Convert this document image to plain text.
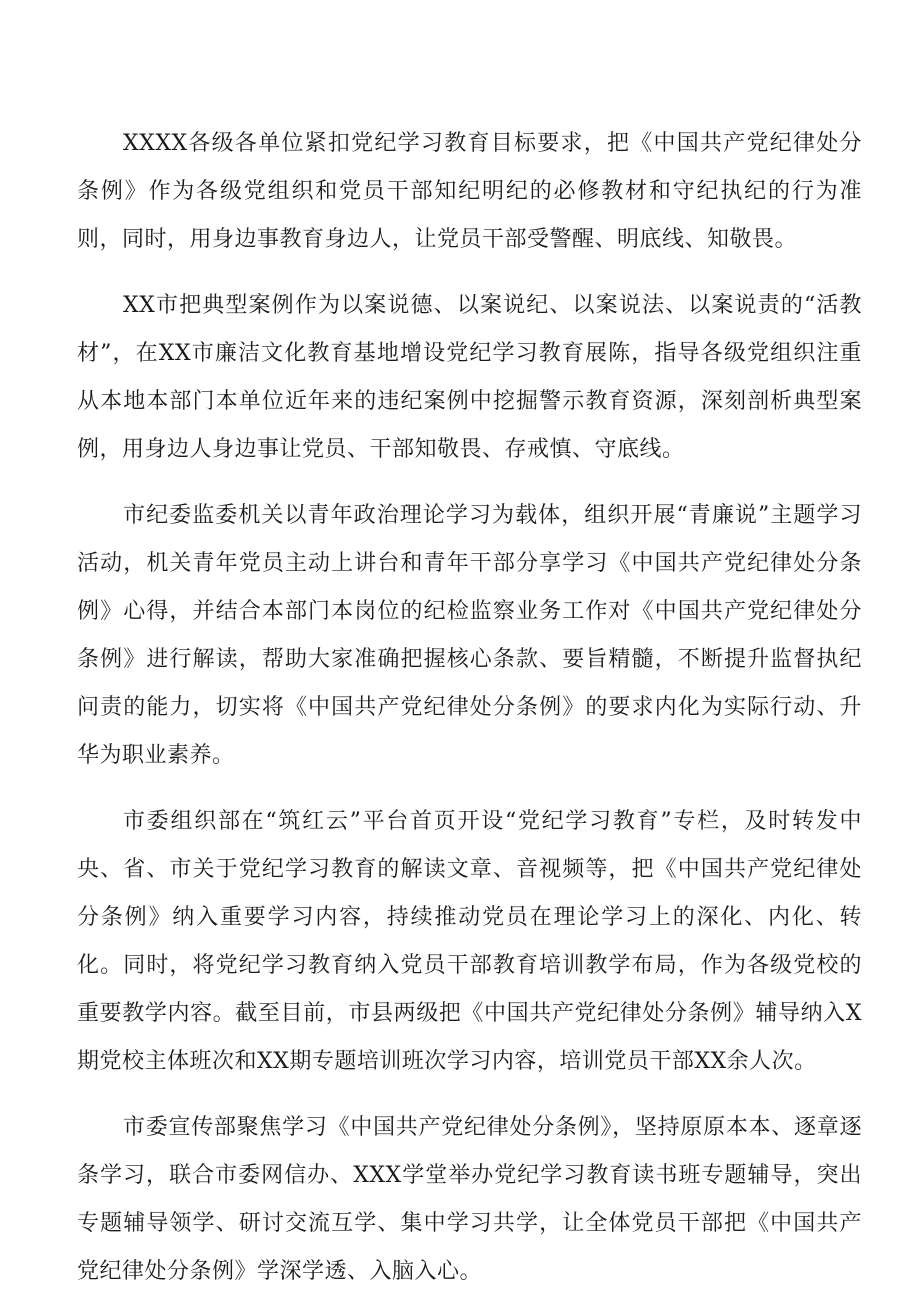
XXXX各级各单位紧扣党纪学习教育目标要求，把《中国共产党纪律处分条例》作为各级党组织和党员干部知纪明纪的必修教材和守纪执纪的行为准则，同时，用身边事教育身边人，让党员干部受警醒、明底线、知敬畏。

XX市把典型案例作为以案说德、以案说纪、以案说法、以案说责的“活教材”，在XX市廉洁文化教育基地增设党纪学习教育展陈，指导各级党组织注重从本地本部门本单位近年来的违纪案例中挖掘警示教育资源，深刻剖析典型案例，用身边人身边事让党员、干部知敬畏、存戒慎、守底线。

市纪委监委机关以青年政治理论学习为载体，组织开展“青廉说”主题学习活动，机关青年党员主动上讲台和青年干部分享学习《中国共产党纪律处分条例》心得，并结合本部门本岗位的纪检监察业务工作对《中国共产党纪律处分条例》进行解读，帮助大家准确把握核心条款、要旨精髓，不断提升监督执纪问责的能力，切实将《中国共产党纪律处分条例》的要求内化为实际行动、升华为职业素养。

市委组织部在“筑红云”平台首页开设“党纪学习教育”专栏，及时转发中央、省、市关于党纪学习教育的解读文章、音视频等，把《中国共产党纪律处分条例》纳入重要学习内容，持续推动党员在理论学习上的深化、内化、转化。同时，将党纪学习教育纳入党员干部教育培训教学布局，作为各级党校的重要教学内容。截至目前，市县两级把《中国共产党纪律处分条例》辅导纳入X期党校主体班次和XX期专题培训班次学习内容，培训党员干部XX余人次。

市委宣传部聚焦学习《中国共产党纪律处分条例》，坚持原原本本、逐章逐条学习，联合市委网信办、XXX学堂举办党纪学习教育读书班专题辅导，突出专题辅导领学、研讨交流互学、集中学习共学，让全体党员干部把《中国共产党纪律处分条例》学深学透、入脑入心。
